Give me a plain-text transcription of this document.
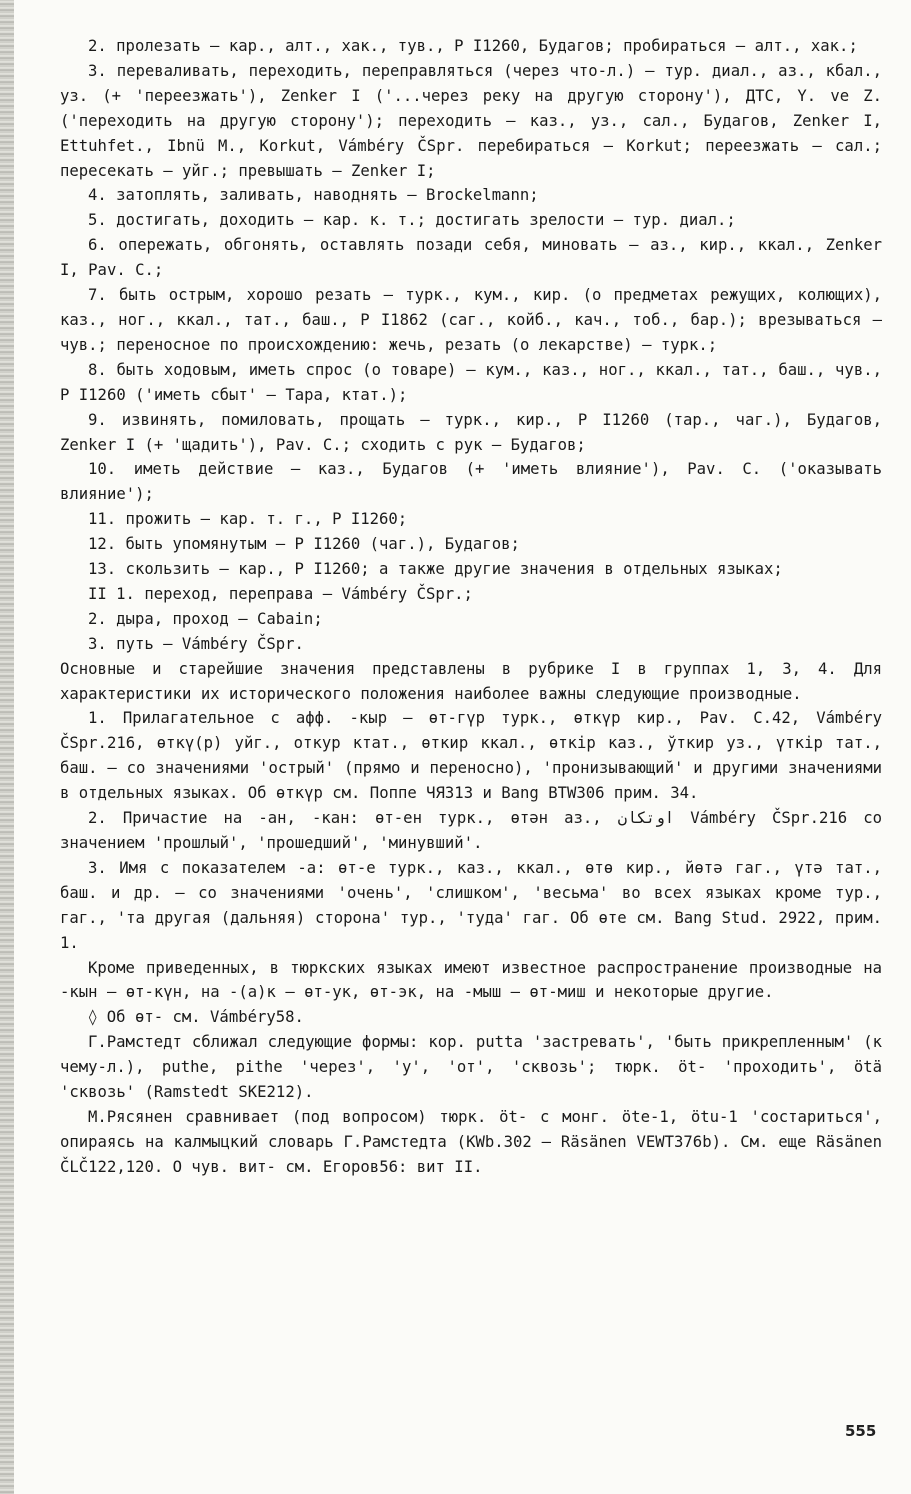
2. пролезать – кар., алт., хак., тув., Р I1260, Будагов; пробираться – алт., хак.;

3. переваливать, переходить, переправляться (через что-л.) – тур. диал., аз., кбал., уз. (+ 'переезжать'), Zenker I ('...через реку на другую сторону'), ДТС, Y. ve Z. ('переходить на другую сторону'); переходить – каз., уз., сал., Будагов, Zenker I, Ettuhfet., Ibnü M., Korkut, Vámbéry ČSpr. перебираться – Korkut; переезжать – сал.; пересекать – уйг.; превышать – Zenker I;

4. затоплять, заливать, наводнять – Brockelmann;

5. достигать, доходить – кар. к. т.; достигать зрелости – тур. диал.;

6. опережать, обгонять, оставлять позади себя, миновать – аз., кир., ккал., Zenker I, Pav. C.;

7. быть острым, хорошо резать – турк., кум., кир. (о предметах режущих, колющих), каз., ног., ккал., тат., баш., Р I1862 (саг., койб., кач., тоб., бар.); врезываться – чув.; переносное по происхождению: жечь, резать (о лекарстве) – турк.;

8. быть ходовым, иметь спрос (о товаре) – кум., каз., ног., ккал., тат., баш., чув., Р I1260 ('иметь сбыт' – Тара, ктат.);

9. извинять, помиловать, прощать – турк., кир., Р I1260 (тар., чаг.), Будагов, Zenker I (+ 'щадить'), Pav. C.; сходить с рук – Будагов;

10. иметь действие – каз., Будагов (+ 'иметь влияние'), Pav. C. ('оказывать влияние');

11. прожить – кар. т. г., Р I1260;

12. быть упомянутым – Р I1260 (чаг.), Будагов;

13. скользить – кар., Р I1260; а также другие значения в отдельных языках;

II 1. переход, переправа – Vámbéry ČSpr.;

2. дыра, проход – Cabain;

3. путь – Vámbéry ČSpr.

Основные и старейшие значения представлены в рубрике I в группах 1, 3, 4. Для характеристики их исторического положения наиболее важны следующие производные.

1. Прилагательное с афф. -кыр – өт-гүр турк., өткүр кир., Pav. C.42, Vámbéry ČSpr.216, өткү(р) уйг., откур ктат., өткир ккал., өткір каз., ўткир уз., үткір тат., баш. – со значениями 'острый' (прямо и переносно), 'пронизывающий' и другими значениями в отдельных языках. Об өткүр см. Поппе ЧЯ313 и Bang BTW306 прим. 34.

2. Причастие на -ан, -кан: өт-ен турк., өтән аз., اوتكان Vámbéry ČSpr.216 со значением 'прошлый', 'прошедший', 'минувший'.

3. Имя с показателем -а: өт-е турк., каз., ккал., өтө кир., йөтә гаг., үтә тат., баш. и др. – со значениями 'очень', 'слишком', 'весьма' во всех языках кроме тур., гаг., 'та другая (дальняя) сторона' тур., 'туда' гаг. Об өте см. Bang Stud. 2922, прим. 1.

Кроме приведенных, в тюркских языках имеют известное распространение производные на -кын – өт-күн, на -(а)к – өт-ук, өт-эк, на -мыш – өт-миш и некоторые другие.

◊ Об өт- см. Vámbéry58.

Г.Рамстедт сближал следующие формы: кор. putta 'застревать', 'быть прикрепленным' (к чему-л.), puthe, pithe 'через', 'у', 'от', 'сквозь'; тюрк. öt- 'проходить', ötä 'сквозь' (Ramstedt SKE212).

М.Рясянен сравнивает (под вопросом) тюрк. öt- с монг. öte-1, ötu-1 'состариться', опираясь на калмыцкий словарь Г.Рамстедта (KWb.302 – Räsänen VEWT376b). См. еще Räsänen ČLČ122,120. О чув. вит- см. Егоров56: вит II.

555
